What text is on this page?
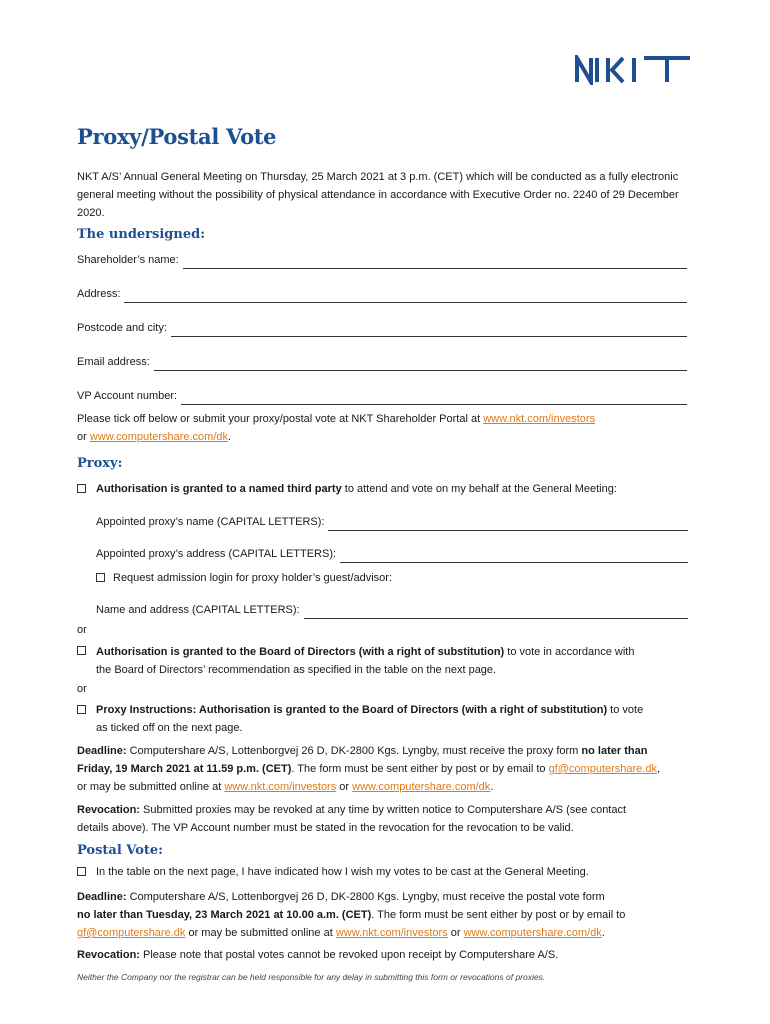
Proxy/Postal Vote
NKT A/S’ Annual General Meeting on Thursday, 25 March 2021 at 3 p.m. (CET) which will be conducted as a fully electronic general meeting without the possibility of physical attendance in accordance with Executive Order no. 2240 of 29 December 2020.
The undersigned:
Shareholder’s name:
Address:
Postcode and city:
Email address:
VP Account number:
Please tick off below or submit your proxy/postal vote at NKT Shareholder Portal at www.nkt.com/investors
or www.computershare.com/dk.
Proxy:
Authorisation is granted to a named third party to attend and vote on my behalf at the General Meeting:
Appointed proxy’s name (CAPITAL LETTERS):
Appointed proxy’s address (CAPITAL LETTERS):
Request admission login for proxy holder’s guest/advisor:
Name and address (CAPITAL LETTERS):
or
Authorisation is granted to the Board of Directors (with a right of substitution) to vote in accordance with
the Board of Directors’ recommendation as specified in the table on the next page.
or
Proxy Instructions: Authorisation is granted to the Board of Directors (with a right of substitution) to vote
as ticked off on the next page.
Deadline: Computershare A/S, Lottenborgvej 26 D, DK-2800 Kgs. Lyngby, must receive the proxy form no later than
Friday, 19 March 2021 at 11.59 p.m. (CET). The form must be sent either by post or by email to gf@computershare.dk,
or may be submitted online at www.nkt.com/investors or www.computershare.com/dk.
Revocation: Submitted proxies may be revoked at any time by written notice to Computershare A/S (see contact
details above). The VP Account number must be stated in the revocation for the revocation to be valid.
Postal Vote:
In the table on the next page, I have indicated how I wish my votes to be cast at the General Meeting.
Deadline: Computershare A/S, Lottenborgvej 26 D, DK-2800 Kgs. Lyngby, must receive the postal vote form
no later than Tuesday, 23 March 2021 at 10.00 a.m. (CET). The form must be sent either by post or by email to
gf@computershare.dk or may be submitted online at www.nkt.com/investors or www.computershare.com/dk.
Revocation: Please note that postal votes cannot be revoked upon receipt by Computershare A/S.
Neither the Company nor the registrar can be held responsible for any delay in submitting this form or revocations of proxies.
